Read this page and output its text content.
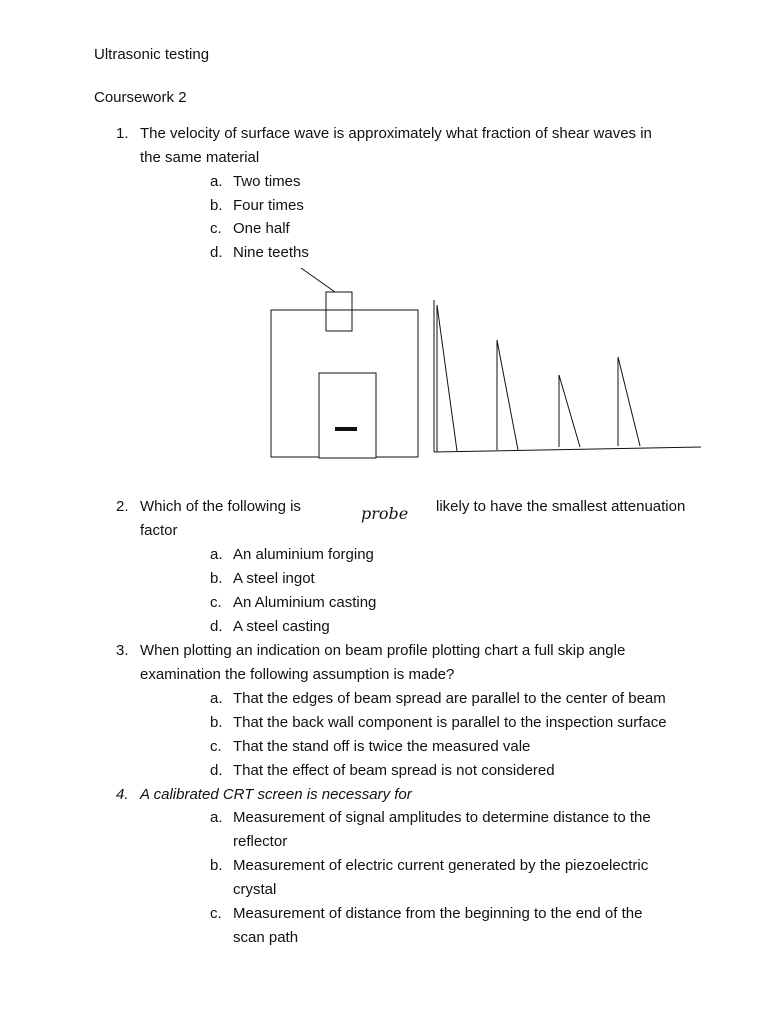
Ultrasonic testing
Coursework 2
1. The velocity of surface wave is approximately what fraction of shear waves in
the same material
a. Two times
b. Four times
c. One half
d. Nine teeths
2. Which of the following is	probe likely to have the smallest attenuation
factor
a. An aluminium forging
b. A steel ingot
c. An Aluminium casting
d. A steel casting
3. When plotting an indication on beam profile plotting chart a full skip angle
examination the following assumption is made?
a. That the edges of beam spread are parallel to the center of beam
b. That the back wall component is parallel to the inspection surface
c. That the stand off is twice the measured vale
d. That the effect of beam spread is not considered
4. A calibrated CRT screen is necessary for
a. Measurement of signal amplitudes to determine distance to the
reflector
b. Measurement of electric current generated by the piezoelectric
crystal
c. Measurement of distance from the beginning to the end of the
scan path
